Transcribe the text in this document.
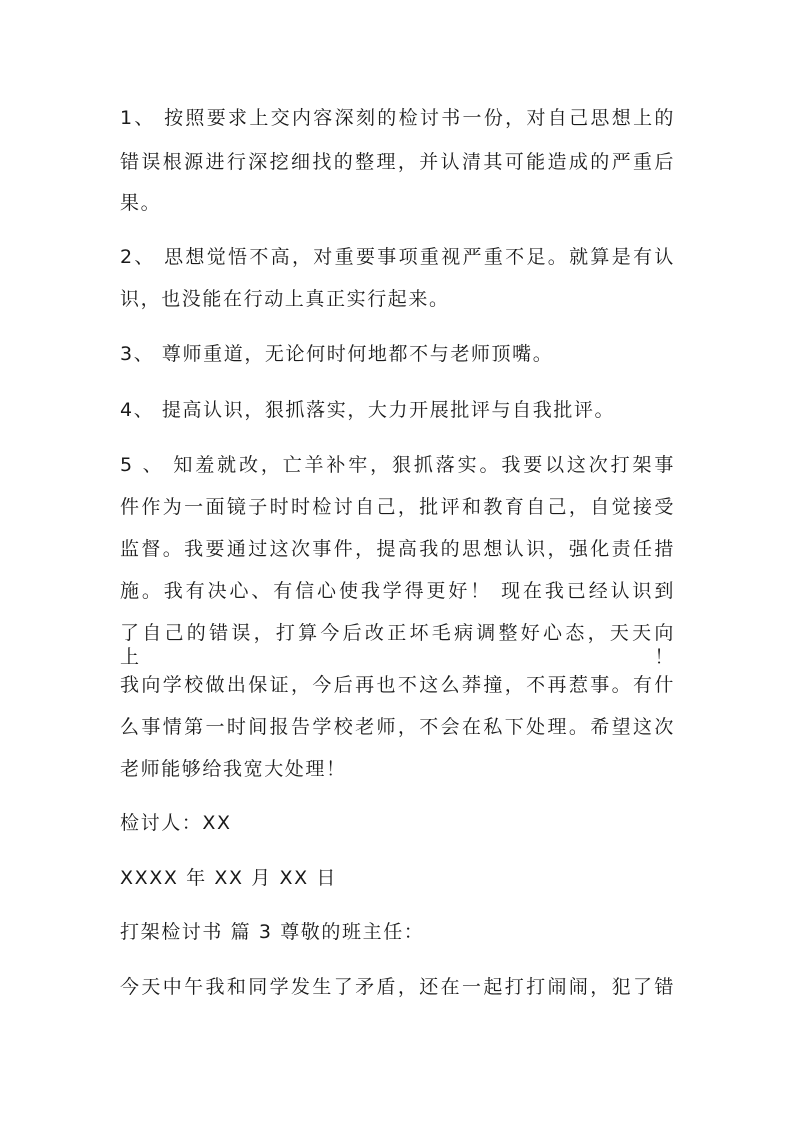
1、 按照要求上交内容深刻的检讨书一份，对自己思想上的
错误根源进行深挖细找的整理，并认清其可能造成的严重后
果。
2、 思想觉悟不高，对重要事项重视严重不足。就算是有认
识，也没能在行动上真正实行起来。
3、 尊师重道，无论何时何地都不与老师顶嘴。
4、 提高认识，狠抓落实，大力开展批评与自我批评。
5 、 知羞就改，亡羊补牢，狠抓落实。我要以这次打架事
件作为一面镜子时时检讨自己，批评和教育自己，自觉接受
监督。我要通过这次事件，提高我的思想认识，强化责任措
施。我有决心、有信心使我学得更好！ 现在我已经认识到
了自己的错误，打算今后改正坏毛病调整好心态，天天向上！
我向学校做出保证，今后再也不这么莽撞，不再惹事。有什
么事情第一时间报告学校老师，不会在私下处理。希望这次
老师能够给我宽大处理！
检讨人：XX
XXXX 年 XX 月 XX 日
打架检讨书 篇 3 尊敬的班主任：
今天中午我和同学发生了矛盾，还在一起打打闹闹，犯了错
